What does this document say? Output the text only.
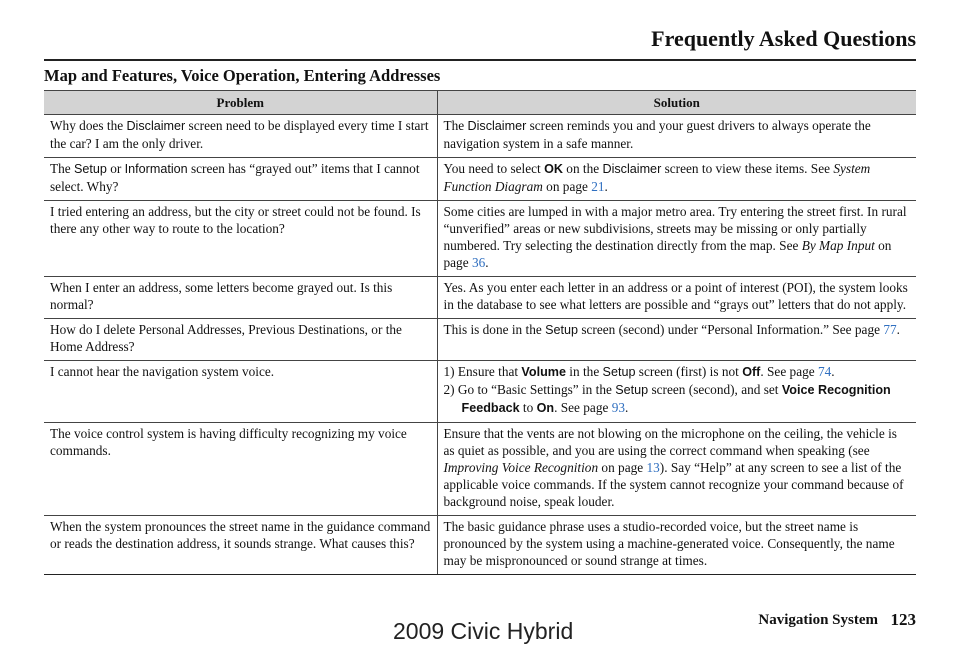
Frequently Asked Questions
Map and Features, Voice Operation, Entering Addresses
Problem	Solution
Why does the Disclaimer screen need to be displayed every time I start the car? I am the only driver.	The Disclaimer screen reminds you and your guest drivers to always operate the navigation system in a safe manner.
The Setup or Information screen has “grayed out” items that I cannot select. Why?	You need to select OK on the Disclaimer screen to view these items. See System Function Diagram on page 21.
I tried entering an address, but the city or street could not be found. Is there any other way to route to the location?	Some cities are lumped in with a major metro area. Try entering the street first. In rural “unverified” areas or new subdivisions, streets may be missing or only partially numbered. Try selecting the destination directly from the map. See By Map Input on page 36.
When I enter an address, some letters become grayed out. Is this normal?	Yes. As you enter each letter in an address or a point of interest (POI), the system looks in the database to see what letters are possible and “grays out” letters that do not apply.
How do I delete Personal Addresses, Previous Destinations, or the Home Address?	This is done in the Setup screen (second) under “Personal Information.” See page 77.
I cannot hear the navigation system voice.	1) Ensure that Volume in the Setup screen (first) is not Off. See page 74.
2) Go to “Basic Settings” in the Setup screen (second), and set Voice Recognition Feedback to On. See page 93.

The voice control system is having difficulty recognizing my voice commands.	Ensure that the vents are not blowing on the microphone on the ceiling, the vehicle is as quiet as possible, and you are using the correct command when speaking (see Improving Voice Recognition on page 13). Say “Help” at any screen to see a list of the applicable voice commands. If the system cannot recognize your command because of background noise, speak louder.
When the system pronounces the street name in the guidance command or reads the destination address, it sounds strange. What causes this?	The basic guidance phrase uses a studio-recorded voice, but the street name is pronounced by the system using a machine-generated voice. Consequently, the name may be mispronounced or sound strange at times.
Navigation System 123
2009 Civic Hybrid
